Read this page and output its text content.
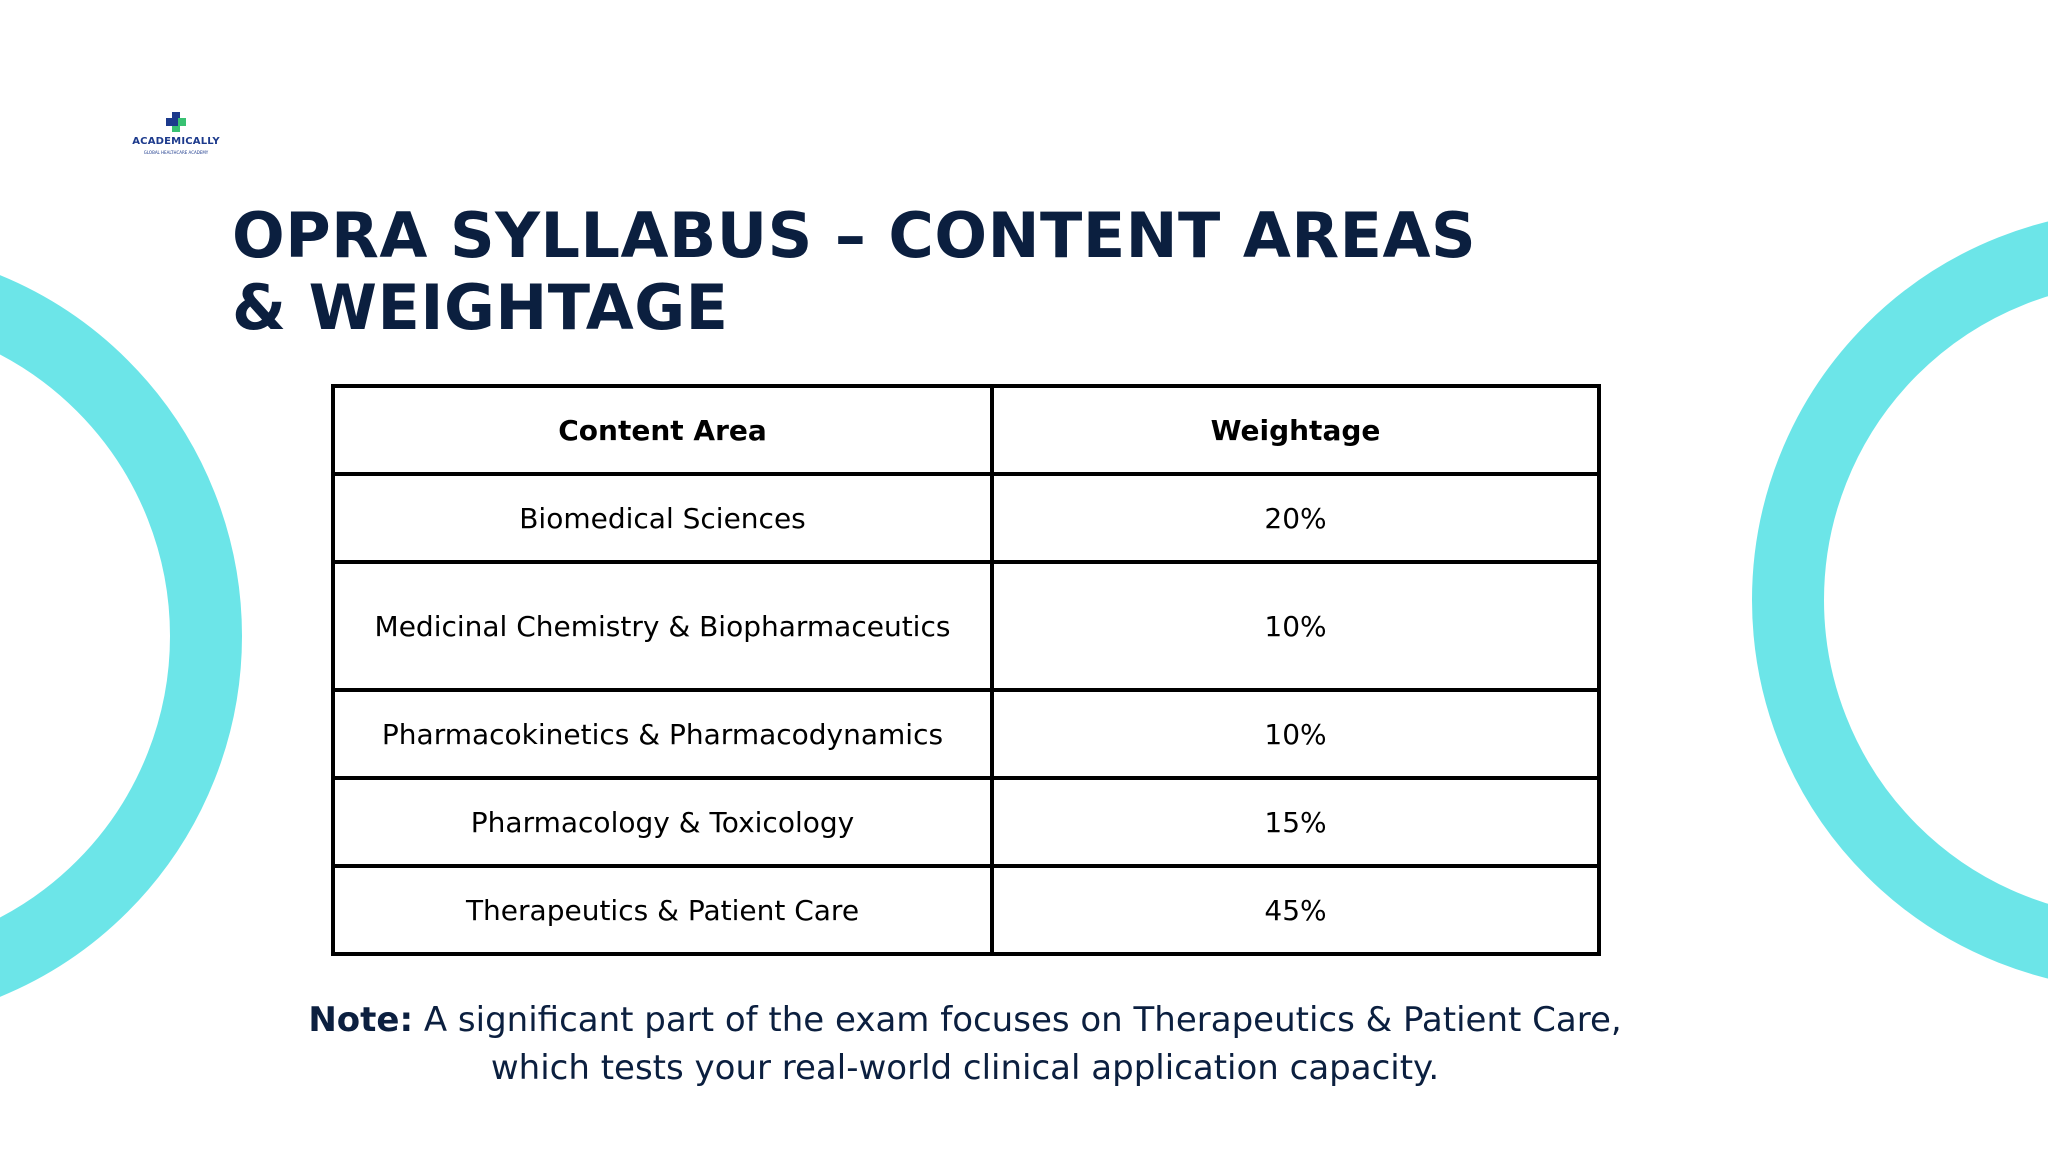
ACADEMICALLY
GLOBAL HEALTHCARE ACADEMY
OPRA SYLLABUS – CONTENT AREAS & WEIGHTAGE
Content Area	Weightage
Biomedical Sciences	20%
Medicinal Chemistry & Biopharmaceutics	10%
Pharmacokinetics & Pharmacodynamics	10%
Pharmacology & Toxicology	15%
Therapeutics & Patient Care	45%

Note: A significant part of the exam focuses on Therapeutics & Patient Care, which tests your real-world clinical application capacity.
